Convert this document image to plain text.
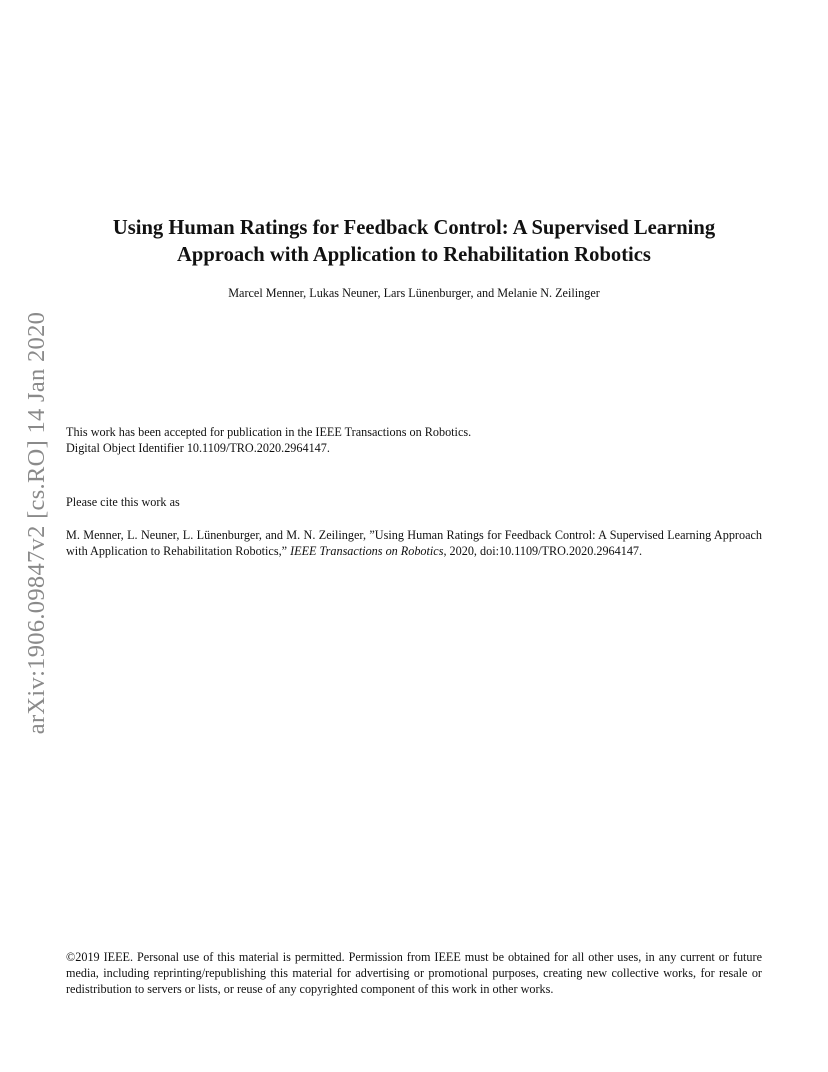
arXiv:1906.09847v2 [cs.RO] 14 Jan 2020
Using Human Ratings for Feedback Control: A Supervised Learning
Approach with Application to Rehabilitation Robotics
Marcel Menner, Lukas Neuner, Lars Lünenburger, and Melanie N. Zeilinger
This work has been accepted for publication in the IEEE Transactions on Robotics.
Digital Object Identifier 10.1109/TRO.2020.2964147.
Please cite this work as
M. Menner, L. Neuner, L. Lünenburger, and M. N. Zeilinger, ”Using Human Ratings for Feedback Control: A Supervised Learning Approach with Application to Rehabilitation Robotics,” IEEE Transactions on Robotics, 2020, doi:10.1109/TRO.2020.2964147.
©2019 IEEE. Personal use of this material is permitted. Permission from IEEE must be obtained for all other uses, in any current or future media, including reprinting/republishing this material for advertising or promotional purposes, creating new collective works, for resale or redistribution to servers or lists, or reuse of any copyrighted component of this work in other works.
